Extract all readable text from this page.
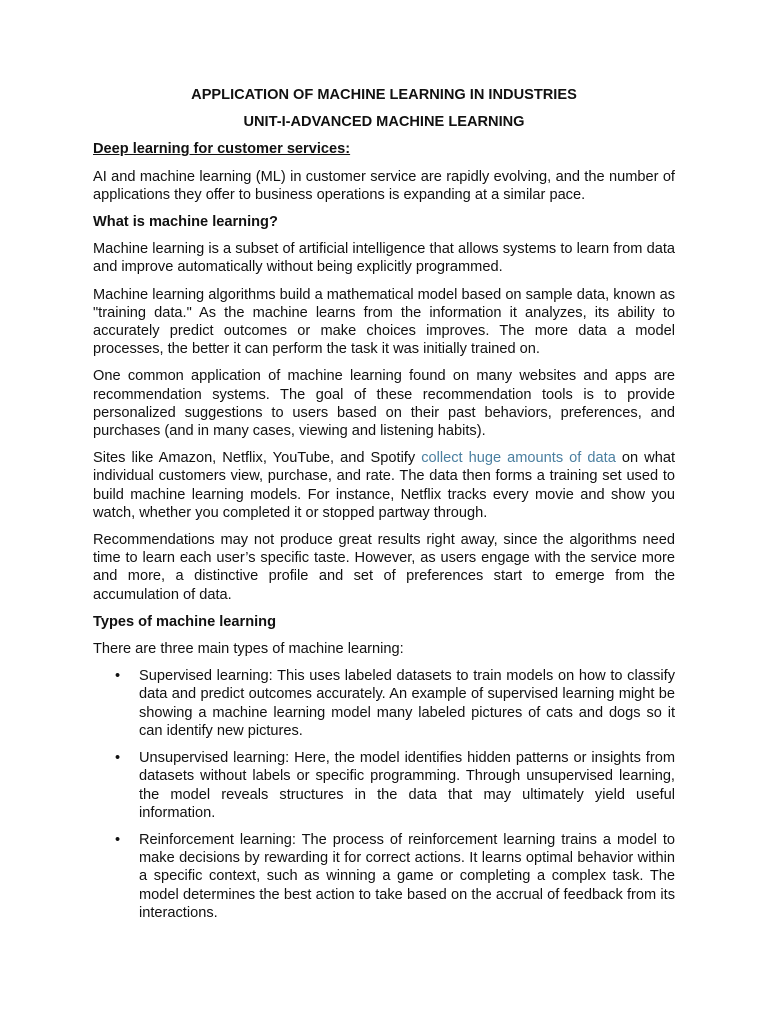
APPLICATION OF MACHINE LEARNING IN INDUSTRIES
UNIT-I-ADVANCED MACHINE LEARNING
Deep learning for customer services:

AI and machine learning (ML) in customer service are rapidly evolving, and the number of applications they offer to business operations is expanding at a similar pace.

What is machine learning?

Machine learning is a subset of artificial intelligence that allows systems to learn from data and improve automatically without being explicitly programmed.

Machine learning algorithms build a mathematical model based on sample data, known as "training data." As the machine learns from the information it analyzes, its ability to accurately predict outcomes or make choices improves. The more data a model processes, the better it can perform the task it was initially trained on.

One common application of machine learning found on many websites and apps are recommendation systems. The goal of these recommendation tools is to provide personalized suggestions to users based on their past behaviors, preferences, and purchases (and in many cases, viewing and listening habits).

Sites like Amazon, Netflix, YouTube, and Spotify collect huge amounts of data on what individual customers view, purchase, and rate. The data then forms a training set used to build machine learning models. For instance, Netflix tracks every movie and show you watch, whether you completed it or stopped partway through.

Recommendations may not produce great results right away, since the algorithms need time to learn each user’s specific taste. However, as users engage with the service more and more, a distinctive profile and set of preferences start to emerge from the accumulation of data.

Types of machine learning

There are three main types of machine learning:

• Supervised learning: This uses labeled datasets to train models on how to classify data and predict outcomes accurately. An example of supervised learning might be showing a machine learning model many labeled pictures of cats and dogs so it can identify new pictures.
• Unsupervised learning: Here, the model identifies hidden patterns or insights from datasets without labels or specific programming. Through unsupervised learning, the model reveals structures in the data that may ultimately yield useful information.
• Reinforcement learning: The process of reinforcement learning trains a model to make decisions by rewarding it for correct actions. It learns optimal behavior within a specific context, such as winning a game or completing a complex task. The model determines the best action to take based on the accrual of feedback from its interactions.
